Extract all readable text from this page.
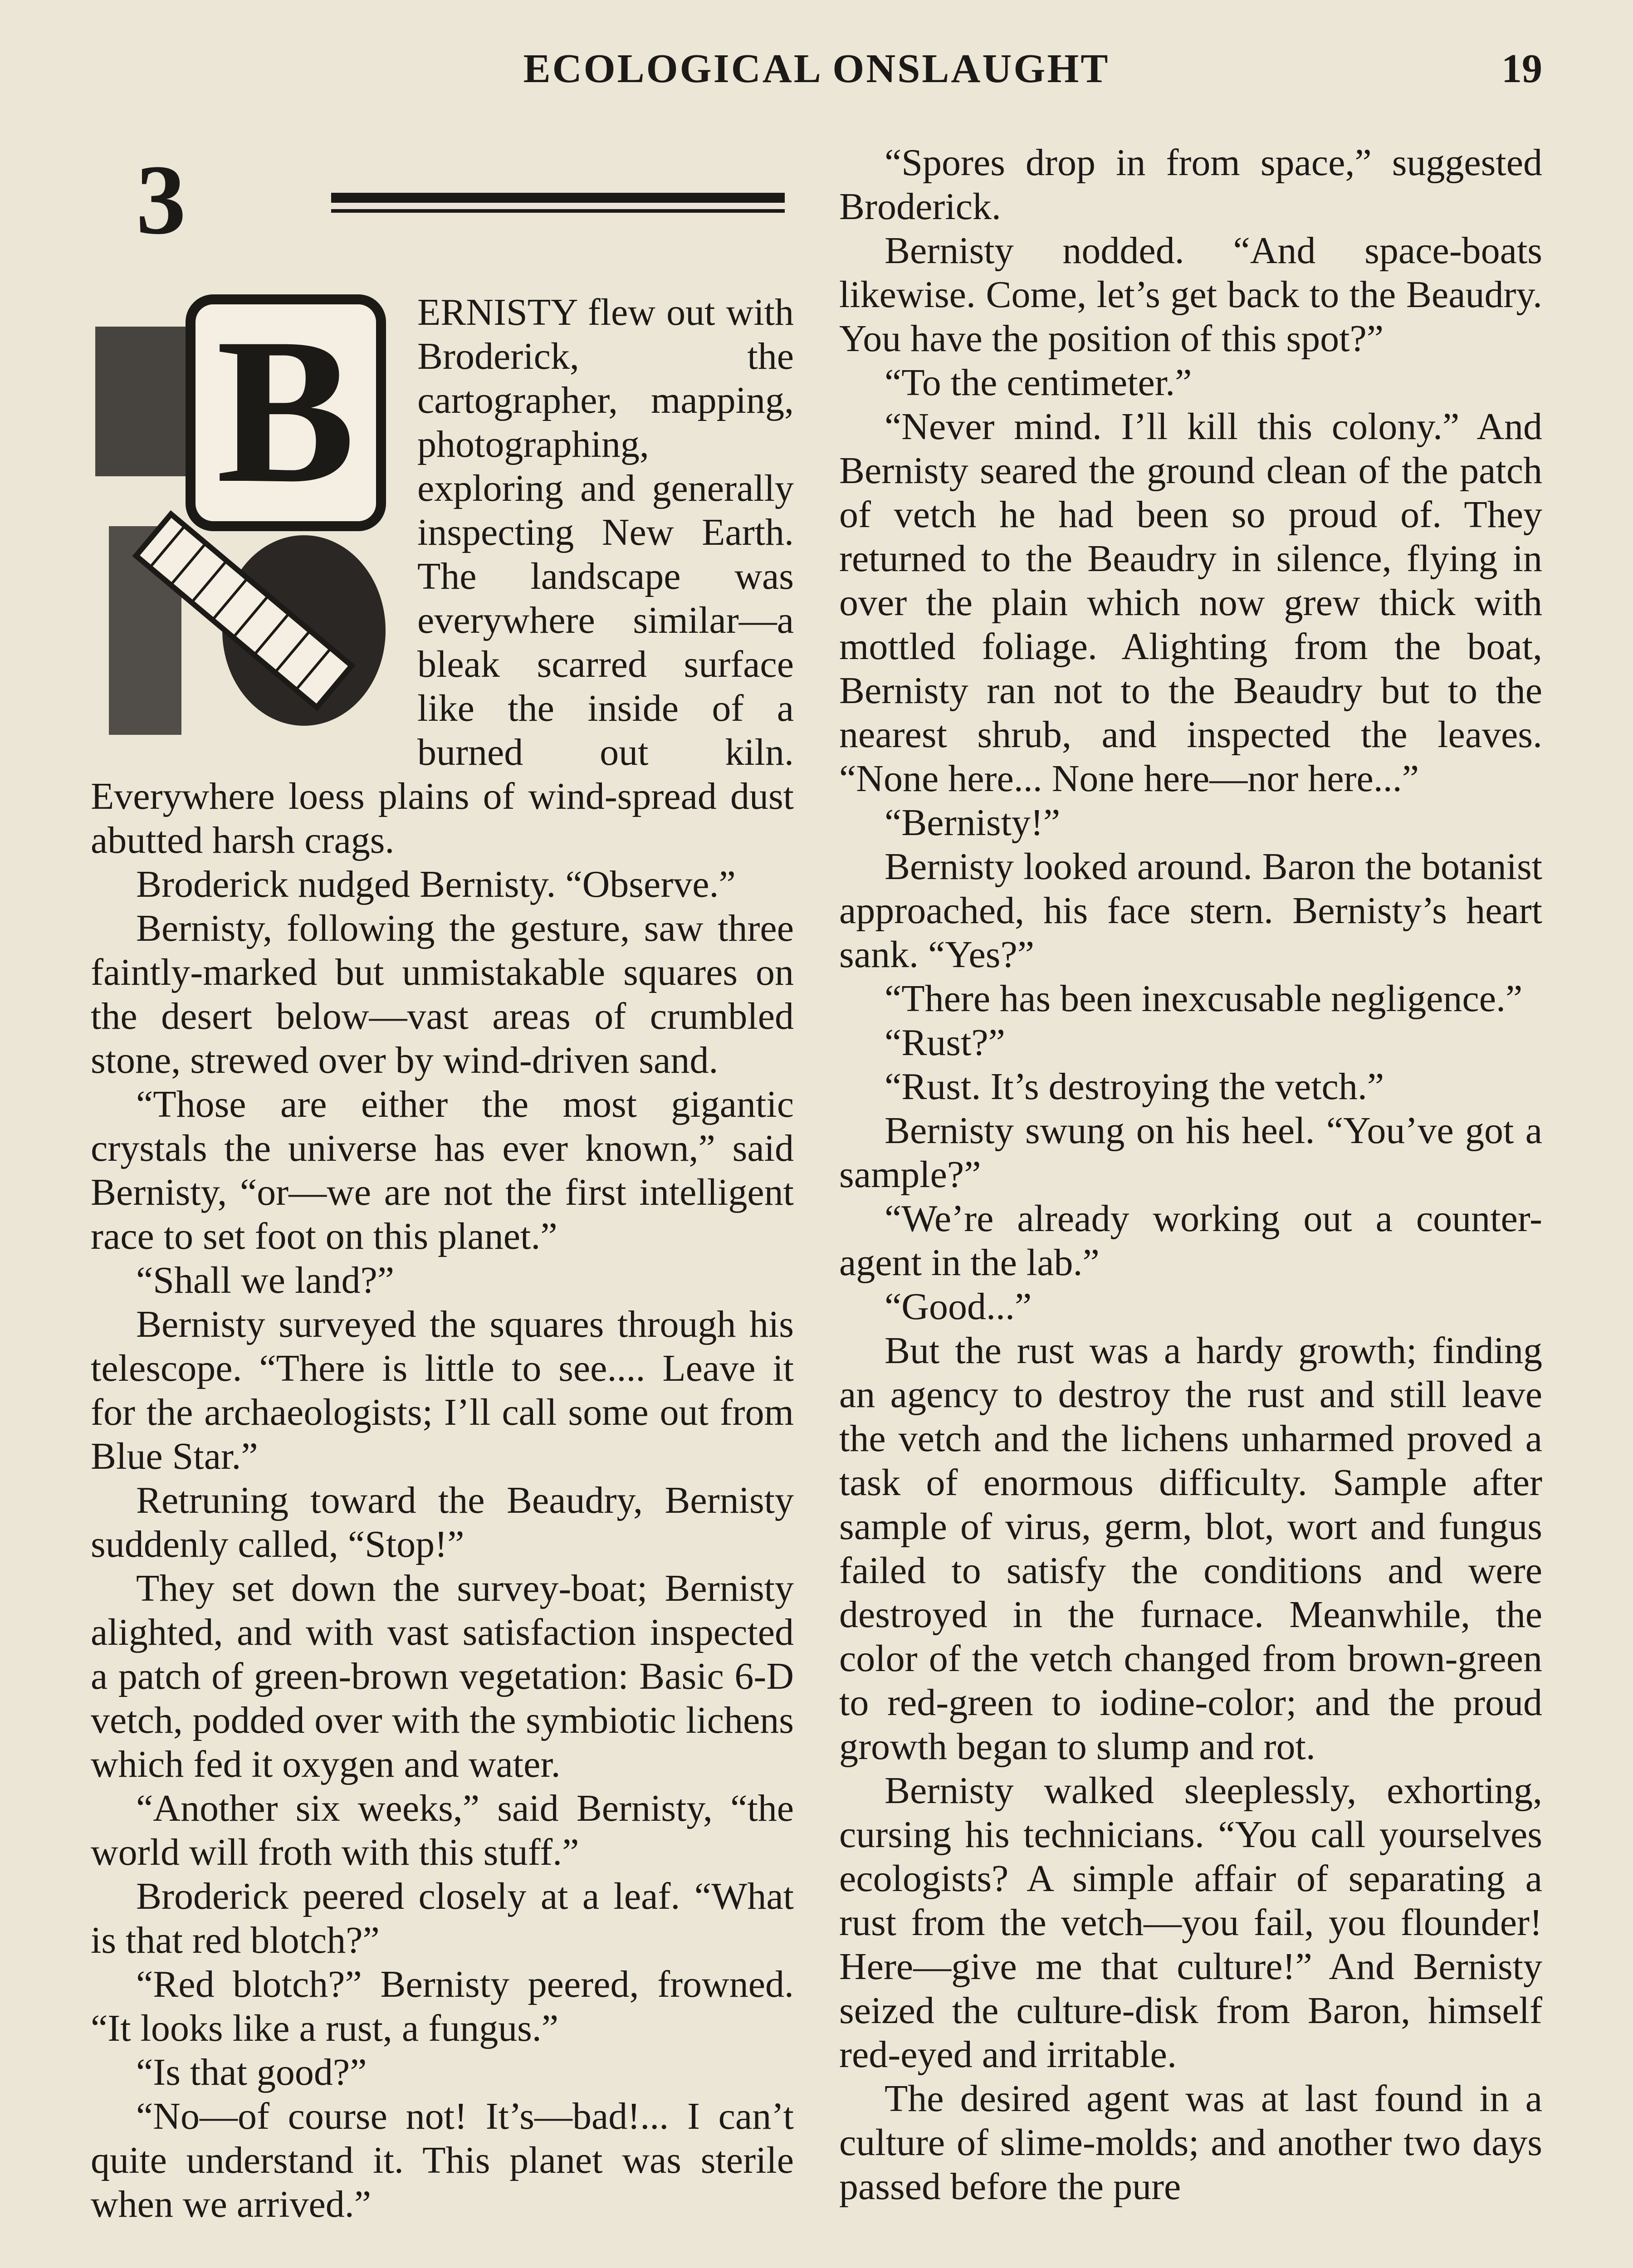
ECOLOGICAL ONSLAUGHT	19
3
B	ERNISTY flew out with Broderick, the cartographer, mapping, photographing, exploring and generally inspecting New Earth. The landscape was everywhere similar—a bleak scarred surface like the inside of a burned out kiln. Everywhere loess plains of wind-spread dust abutted harsh crags.

Broderick nudged Bernisty. “Observe.”

Bernisty, following the gesture, saw three faintly-marked but unmistakable squares on the desert below—vast areas of crumbled stone, strewed over by wind-driven sand.

“Those are either the most gigantic crystals the universe has ever known,” said Bernisty, “or—we are not the first intelligent race to set foot on this planet.”

“Shall we land?”

Bernisty surveyed the squares through his telescope. “There is little to see.... Leave it for the archaeologists; I’ll call some out from Blue Star.”

Retruning toward the Beaudry, Bernisty suddenly called, “Stop!”

They set down the survey-boat; Bernisty alighted, and with vast satisfaction inspected a patch of green-brown vegetation: Basic 6-D vetch, podded over with the symbiotic lichens which fed it oxygen and water.

“Another six weeks,” said Bernisty, “the world will froth with this stuff.”

Broderick peered closely at a leaf. “What is that red blotch?”

“Red blotch?” Bernisty peered, frowned. “It looks like a rust, a fungus.”

“Is that good?”

“No—of course not! It’s—bad!... I can’t quite understand it. This planet was sterile when we arrived.”

“Spores drop in from space,” suggested Broderick.

Bernisty nodded. “And space-boats likewise. Come, let’s get back to the Beaudry. You have the position of this spot?”

“To the centimeter.”

“Never mind. I’ll kill this colony.” And Bernisty seared the ground clean of the patch of vetch he had been so proud of. They returned to the Beaudry in silence, flying in over the plain which now grew thick with mottled foliage. Alighting from the boat, Bernisty ran not to the Beaudry but to the nearest shrub, and inspected the leaves. “None here... None here—nor here...”

“Bernisty!”

Bernisty looked around. Baron the botanist approached, his face stern. Bernisty’s heart sank. “Yes?”

“There has been inexcusable negligence.”

“Rust?”

“Rust. It’s destroying the vetch.”

Bernisty swung on his heel. “You’ve got a sample?”

“We’re already working out a counter-agent in the lab.”

“Good...”

But the rust was a hardy growth; finding an agency to destroy the rust and still leave the vetch and the lichens unharmed proved a task of enormous difficulty. Sample after sample of virus, germ, blot, wort and fungus failed to satisfy the conditions and were destroyed in the furnace. Meanwhile, the color of the vetch changed from brown-green to red-green to iodine-color; and the proud growth began to slump and rot.

Bernisty walked sleeplessly, exhorting, cursing his technicians. “You call yourselves ecologists? A simple affair of separating a rust from the vetch—you fail, you flounder! Here—give me that culture!” And Bernisty seized the culture-disk from Baron, himself red-eyed and irritable.

The desired agent was at last found in a culture of slime-molds; and another two days passed before the pure
